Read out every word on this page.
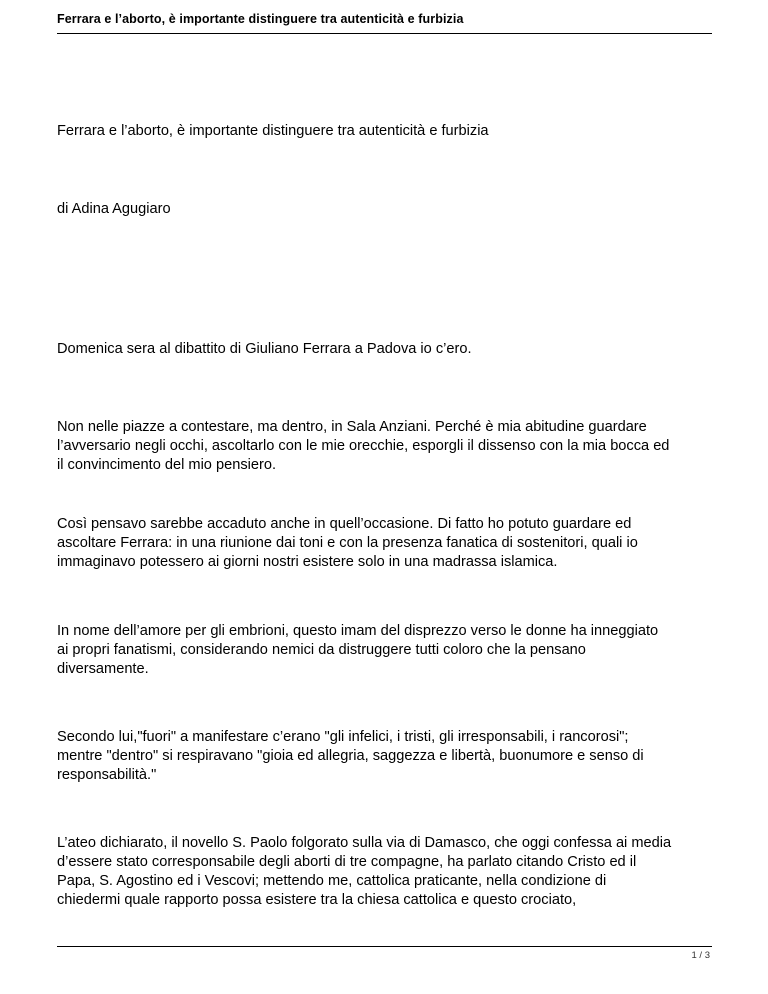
Ferrara e l’aborto, è importante distinguere tra autenticità e furbizia

Ferrara e l’aborto, è importante distinguere tra autenticità e furbizia

di Adina Agugiaro

Domenica sera al dibattito di Giuliano Ferrara a Padova io c’ero.

Non nelle piazze a contestare, ma dentro, in Sala Anziani. Perché è mia abitudine guardare

l’avversario negli occhi, ascoltarlo con le mie orecchie, esporgli il dissenso con la mia bocca ed

il convincimento del mio pensiero.

Così pensavo sarebbe accaduto anche in quell’occasione. Di fatto ho potuto guardare ed

ascoltare Ferrara: in una riunione dai toni e con la presenza fanatica di sostenitori, quali io

immaginavo potessero ai giorni nostri esistere solo in una madrassa islamica.

In nome dell’amore per gli embrioni, questo imam del disprezzo verso le donne ha inneggiato

ai propri fanatismi, considerando nemici da distruggere tutti coloro che la pensano

diversamente.

Secondo lui,"fuori" a manifestare c’erano "gli infelici, i tristi, gli irresponsabili, i rancorosi";

mentre "dentro" si respiravano "gioia ed allegria, saggezza e libertà, buonumore e senso di

responsabilità."

L’ateo dichiarato, il novello S. Paolo folgorato sulla via di Damasco, che oggi confessa ai media

d’essere stato corresponsabile degli aborti di tre compagne, ha parlato citando Cristo ed il

Papa, S. Agostino ed i Vescovi; mettendo me, cattolica praticante, nella condizione di

chiedermi quale rapporto possa esistere tra la chiesa cattolica e questo crociato,

1 / 3
